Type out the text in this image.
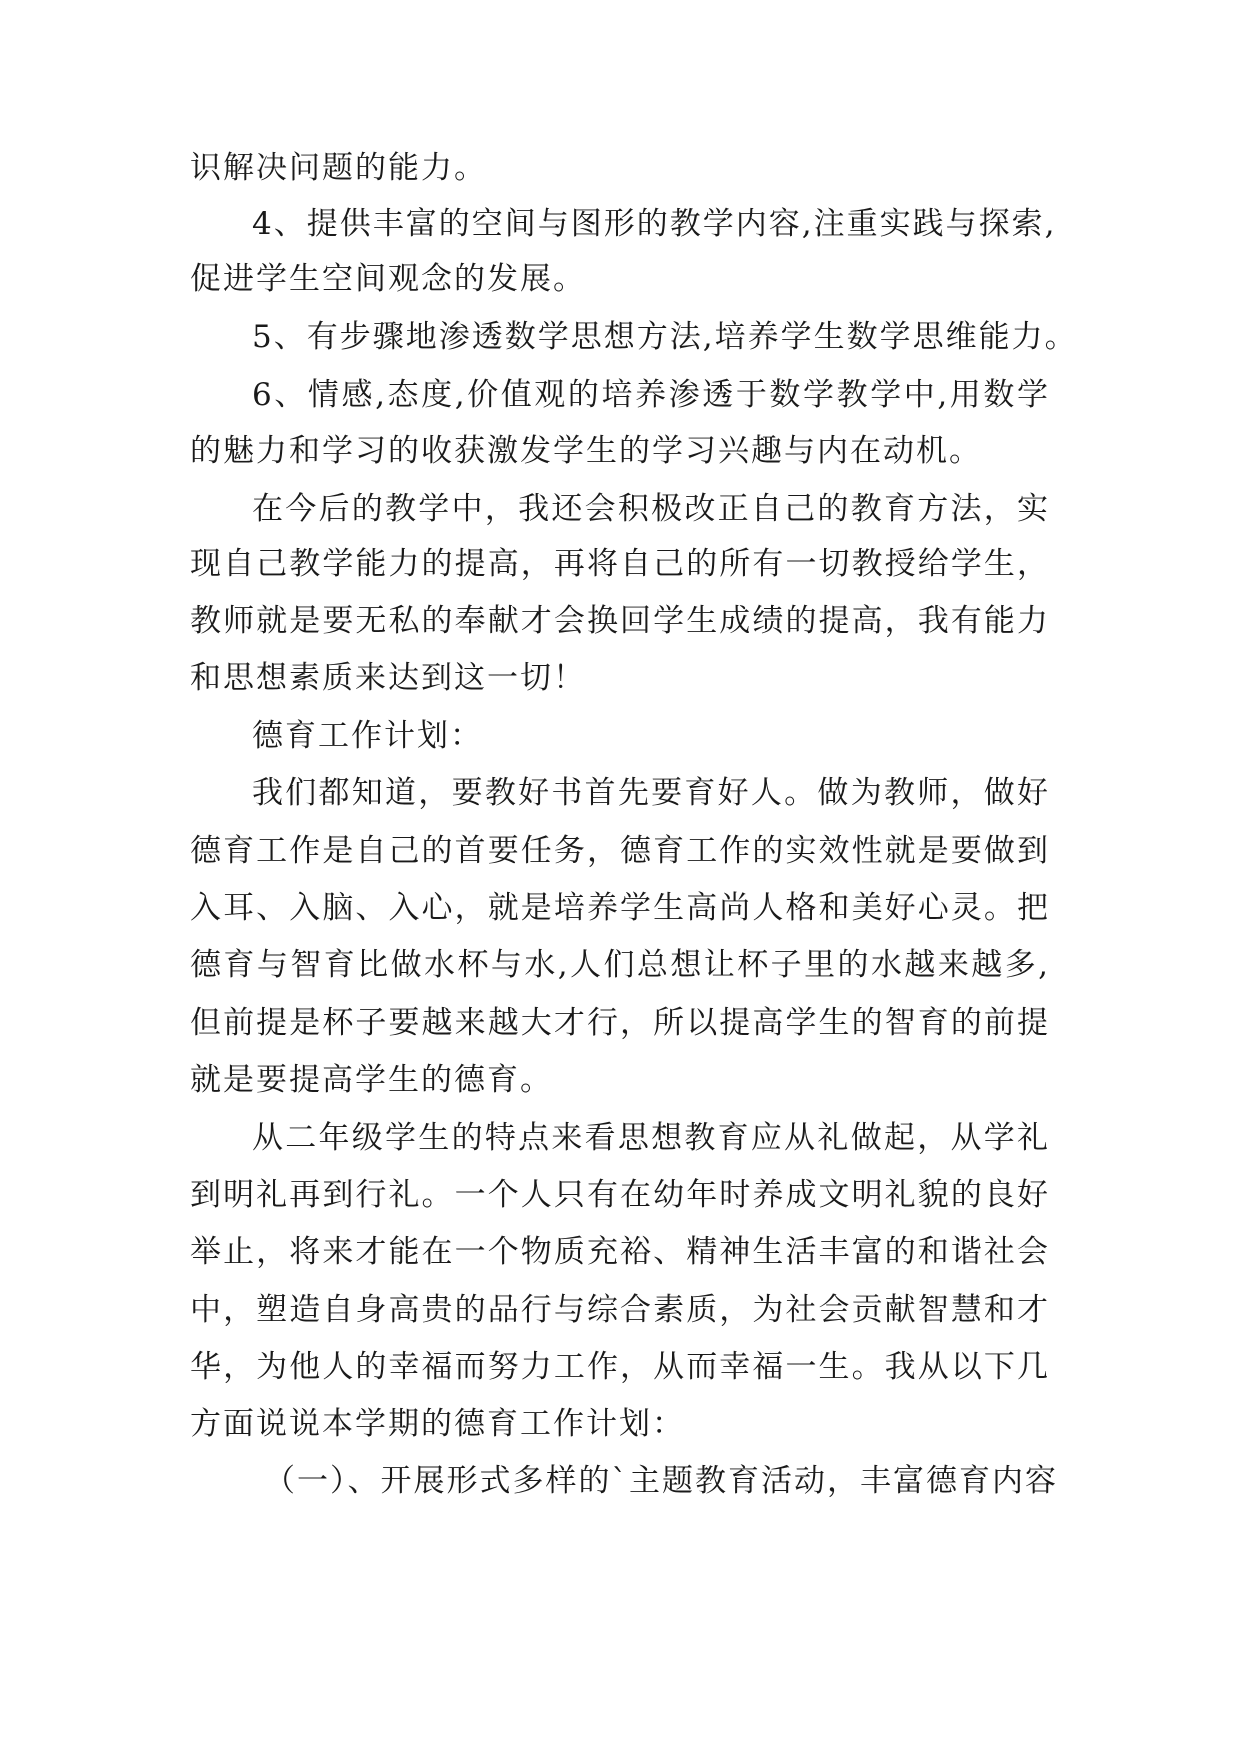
识解决问题的能力。
4、提供丰富的空间与图形的教学内容,注重实践与探索,
促进学生空间观念的发展。
5、有步骤地渗透数学思想方法,培养学生数学思维能力。
6、情感,态度,价值观的培养渗透于数学教学中,用数学
的魅力和学习的收获激发学生的学习兴趣与内在动机。
在今后的教学中，我还会积极改正自己的教育方法，实
现自己教学能力的提高，再将自己的所有一切教授给学生，
教师就是要无私的奉献才会换回学生成绩的提高，我有能力
和思想素质来达到这一切！
德育工作计划：
我们都知道，要教好书首先要育好人。做为教师，做好
德育工作是自己的首要任务，德育工作的实效性就是要做到
入耳、入脑、入心，就是培养学生高尚人格和美好心灵。把
德育与智育比做水杯与水,人们总想让杯子里的水越来越多,
但前提是杯子要越来越大才行，所以提高学生的智育的前提
就是要提高学生的德育。
从二年级学生的特点来看思想教育应从礼做起，从学礼
到明礼再到行礼。一个人只有在幼年时养成文明礼貌的良好
举止，将来才能在一个物质充裕、精神生活丰富的和谐社会
中，塑造自身高贵的品行与综合素质，为社会贡献智慧和才
华，为他人的幸福而努力工作，从而幸福一生。我从以下几
方面说说本学期的德育工作计划：
（一）、开展形式多样的`主题教育活动，丰富德育内容
